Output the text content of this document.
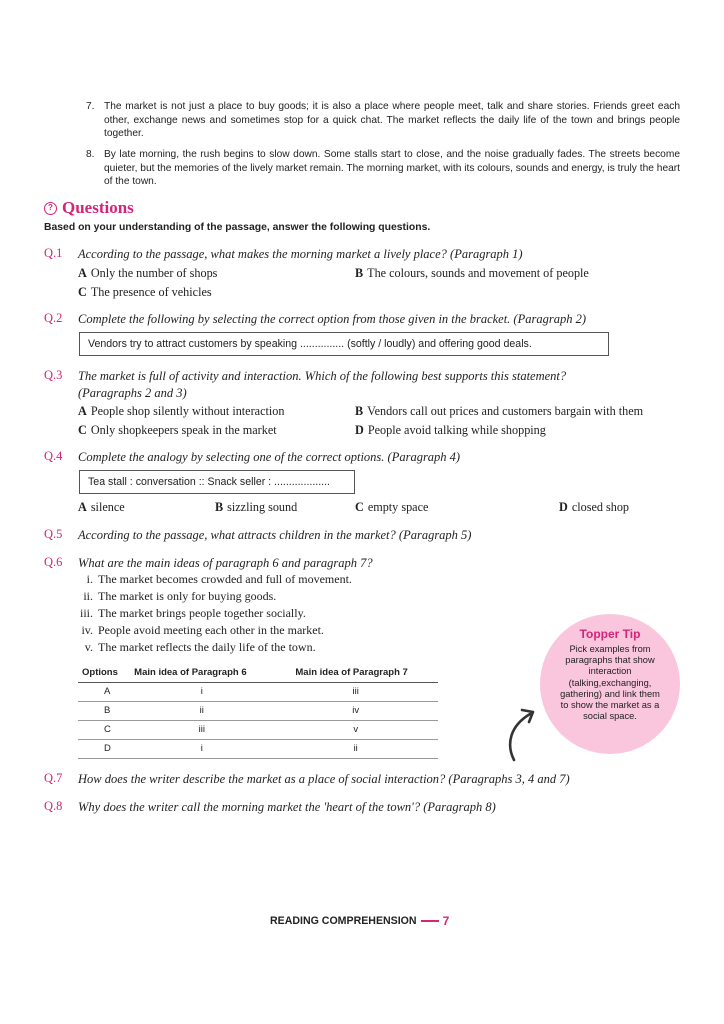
7. The market is not just a place to buy goods; it is also a place where people meet, talk and share stories. Friends greet each other, exchange news and sometimes stop for a quick chat. The market reflects the daily life of the town and brings people together.
8. By late morning, the rush begins to slow down. Some stalls start to close, and the noise gradually fades. The streets become quieter, but the memories of the lively market remain. The morning market, with its colours, sounds and energy, is truly the heart of the town.
? Questions
Based on your understanding of the passage, answer the following questions.
Q.1 According to the passage, what makes the morning market a lively place? (Paragraph 1)
A Only the number of shops	B The colours, sounds and movement of people
C The presence of vehicles
Q.2 Complete the following by selecting the correct option from those given in the bracket. (Paragraph 2)
Vendors try to attract customers by speaking ............... (softly / loudly) and offering good deals.
Q.3 The market is full of activity and interaction. Which of the following best supports this statement?
(Paragraphs 2 and 3)
A People shop silently without interaction	B Vendors call out prices and customers bargain with them
C Only shopkeepers speak in the market	D People avoid talking while shopping
Q.4 Complete the analogy by selecting one of the correct options. (Paragraph 4)
Tea stall : conversation :: Snack seller : ...................
A silence	B sizzling sound	C empty space	D closed shop
Q.5 According to the passage, what attracts children in the market? (Paragraph 5)
Q.6 What are the main ideas of paragraph 6 and paragraph 7?
i. The market becomes crowded and full of movement.
ii. The market is only for buying goods.
iii. The market brings people together socially.
iv. People avoid meeting each other in the market.
v. The market reflects the daily life of the town.
Options	Main idea of Paragraph 6	Main idea of Paragraph 7
A	i	iii
B	ii	iv
C	iii	v
D	i	ii
Topper Tip
Pick examples from paragraphs that show interaction (talking,exchanging, gathering) and link them to show the market as a social space.
Q.7 How does the writer describe the market as a place of social interaction? (Paragraphs 3, 4 and 7)
Q.8 Why does the writer call the morning market the 'heart of the town'? (Paragraph 8)
READING COMPREHENSION 7
